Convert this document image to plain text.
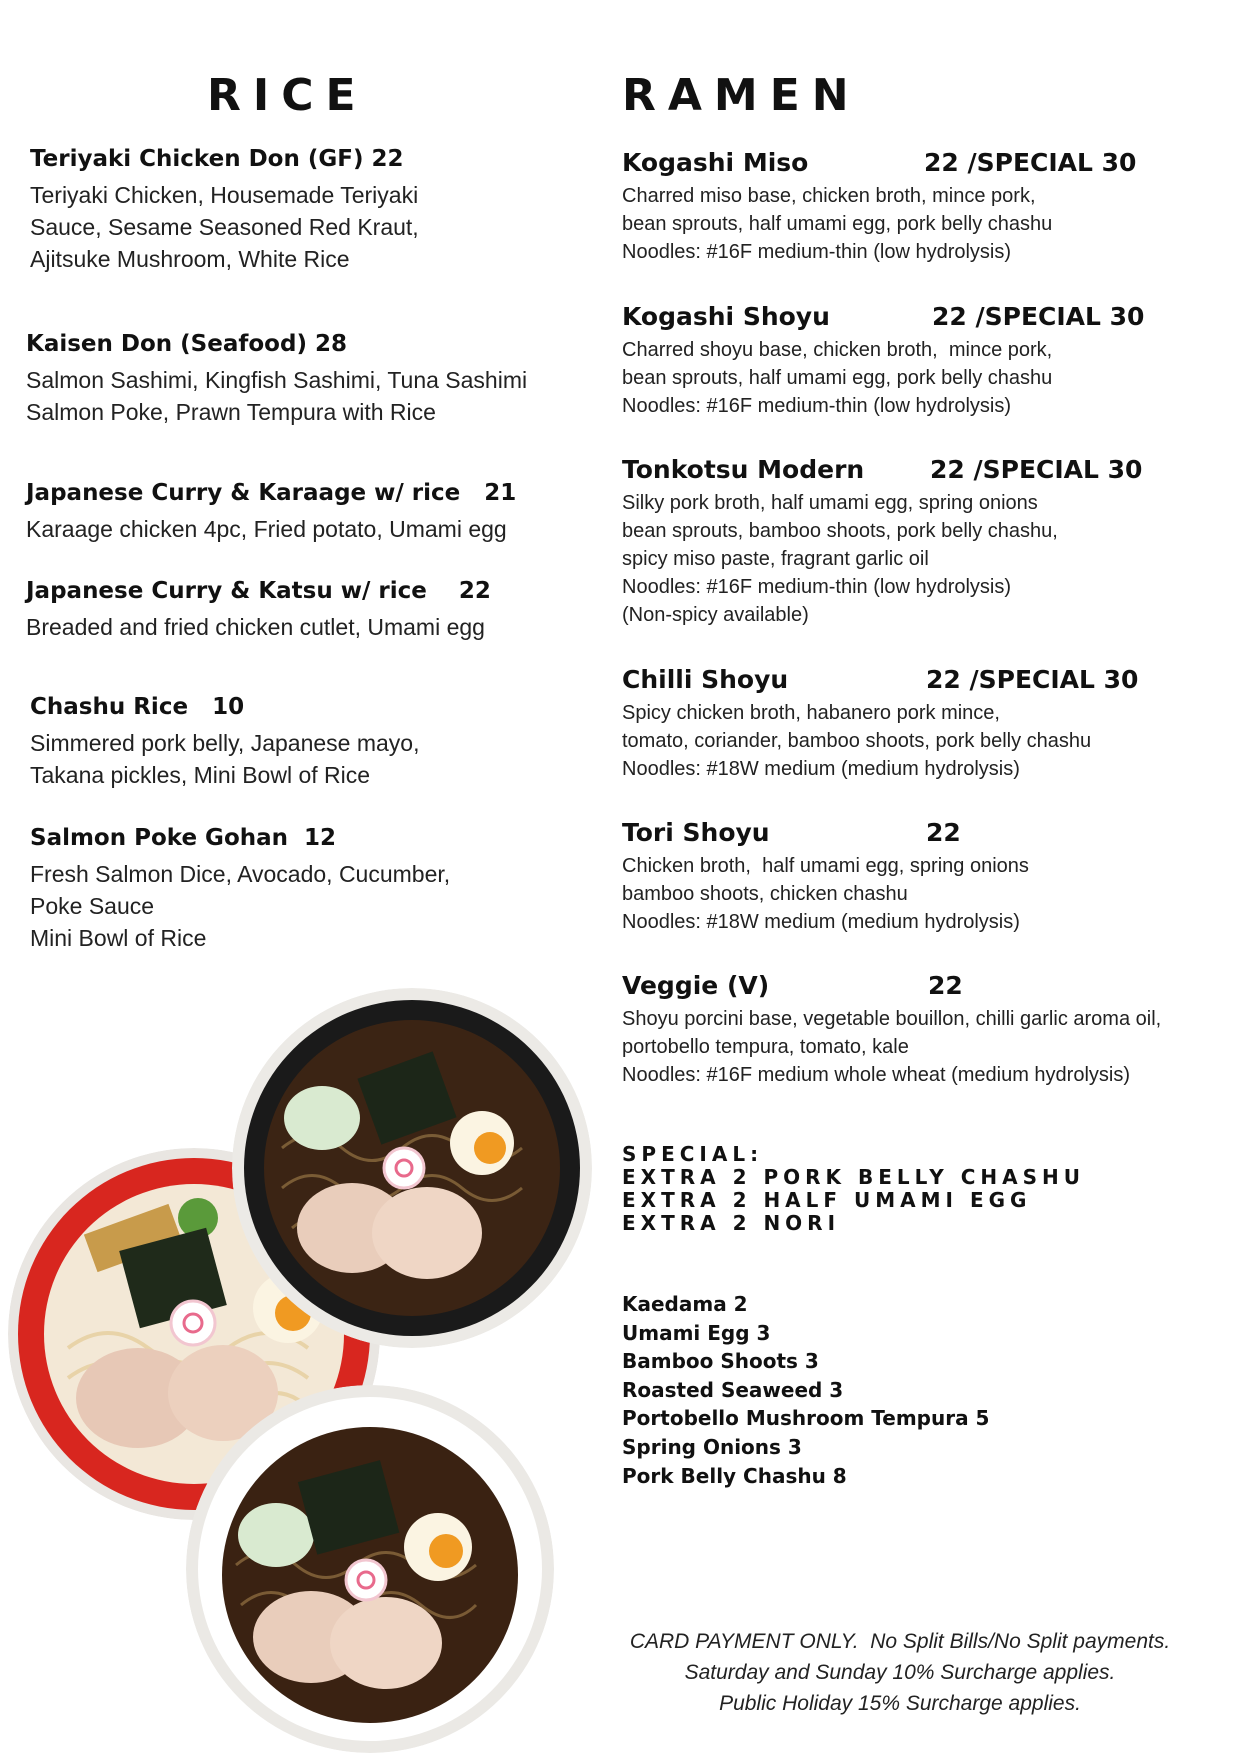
RICE	RAMEN
Teriyaki Chicken Don (GF) 22
Teriyaki Chicken, Housemade Teriyaki
Sauce, Sesame Seasoned Red Kraut,
Ajitsuke Mushroom, White Rice
Kaisen Don (Seafood) 28
Salmon Sashimi, Kingfish Sashimi, Tuna Sashimi
Salmon Poke, Prawn Tempura with Rice
Japanese Curry & Karaage w/ rice   21
Karaage chicken 4pc, Fried potato, Umami egg
Japanese Curry & Katsu w/ rice    22
Breaded and fried chicken cutlet, Umami egg
Chashu Rice   10
Simmered pork belly, Japanese mayo,
Takana pickles, Mini Bowl of Rice
Salmon Poke Gohan  12
Fresh Salmon Dice, Avocado, Cucumber,
Poke Sauce
Mini Bowl of Rice
Kogashi Miso	22 /SPECIAL 30
Charred miso base, chicken broth, mince pork,
bean sprouts, half umami egg, pork belly chashu
Noodles: #16F medium-thin (low hydrolysis)
Kogashi Shoyu	22 /SPECIAL 30
Charred shoyu base, chicken broth,  mince pork,
bean sprouts, half umami egg, pork belly chashu
Noodles: #16F medium-thin (low hydrolysis)
Tonkotsu Modern	22 /SPECIAL 30
Silky pork broth, half umami egg, spring onions
bean sprouts, bamboo shoots, pork belly chashu,
spicy miso paste, fragrant garlic oil
Noodles: #16F medium-thin (low hydrolysis)
(Non-spicy available)
Chilli Shoyu	22 /SPECIAL 30
Spicy chicken broth, habanero pork mince,
tomato, coriander, bamboo shoots, pork belly chashu
Noodles: #18W medium (medium hydrolysis)
Tori Shoyu	22
Chicken broth,  half umami egg, spring onions
bamboo shoots, chicken chashu
Noodles: #18W medium (medium hydrolysis)
Veggie (V)	22
Shoyu porcini base, vegetable bouillon, chilli garlic aroma oil,
portobello tempura, tomato, kale
Noodles: #16F medium whole wheat (medium hydrolysis)
SPECIAL:
EXTRA 2 PORK BELLY CHASHU
EXTRA 2 HALF UMAMI EGG
EXTRA 2 NORI
Kaedama 2
Umami Egg 3
Bamboo Shoots 3
Roasted Seaweed 3
Portobello Mushroom Tempura 5
Spring Onions 3
Pork Belly Chashu 8
CARD PAYMENT ONLY.  No Split Bills/No Split payments.
Saturday and Sunday 10% Surcharge applies.
Public Holiday 15% Surcharge applies.
